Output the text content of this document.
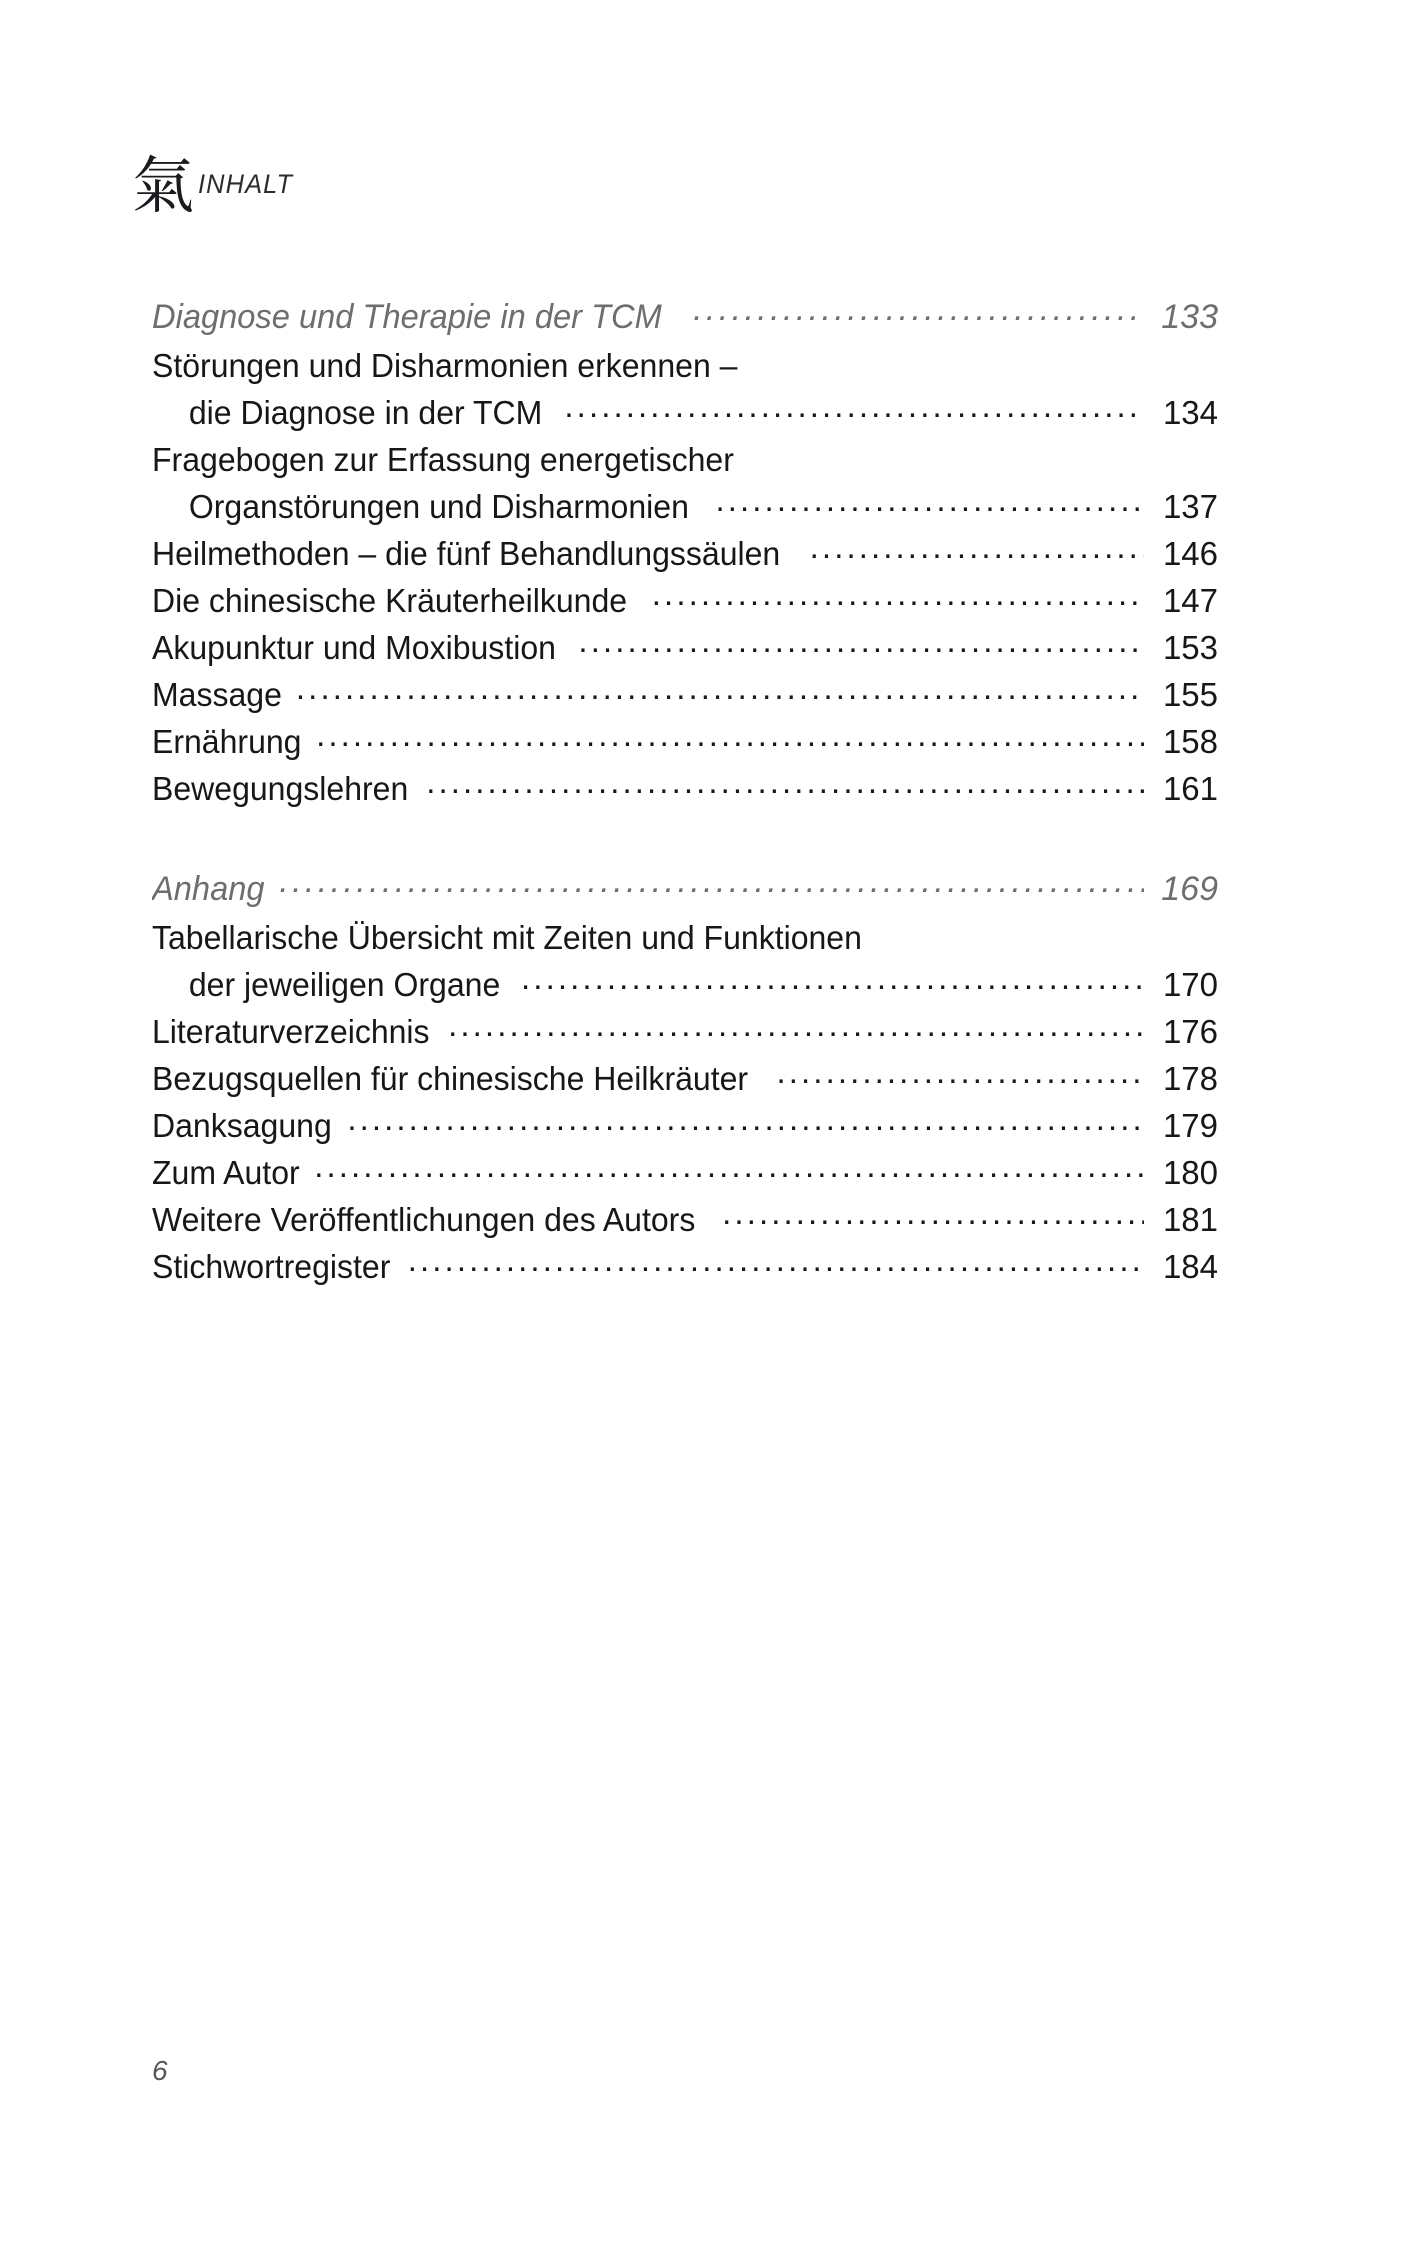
氣 INHALT
Diagnose und Therapie in der TCM .....	133
Störungen und Disharmonien erkennen –
die Diagnose in der TCM .....	134
Fragebogen zur Erfassung energetischer
Organstörungen und Disharmonien .....	137
Heilmethoden – die fünf Behandlungssäulen .....	146
Die chinesische Kräuterheilkunde .....	147
Akupunktur und Moxibustion .....	153
Massage .....	155
Ernährung .....	158
Bewegungslehren .....	161
Anhang .....	169
Tabellarische Übersicht mit Zeiten und Funktionen
der jeweiligen Organe .....	170
Literaturverzeichnis .....	176
Bezugsquellen für chinesische Heilkräuter .....	178
Danksagung .....	179
Zum Autor .....	180
Weitere Veröffentlichungen des Autors .....	181
Stichwortregister .....	184
6
